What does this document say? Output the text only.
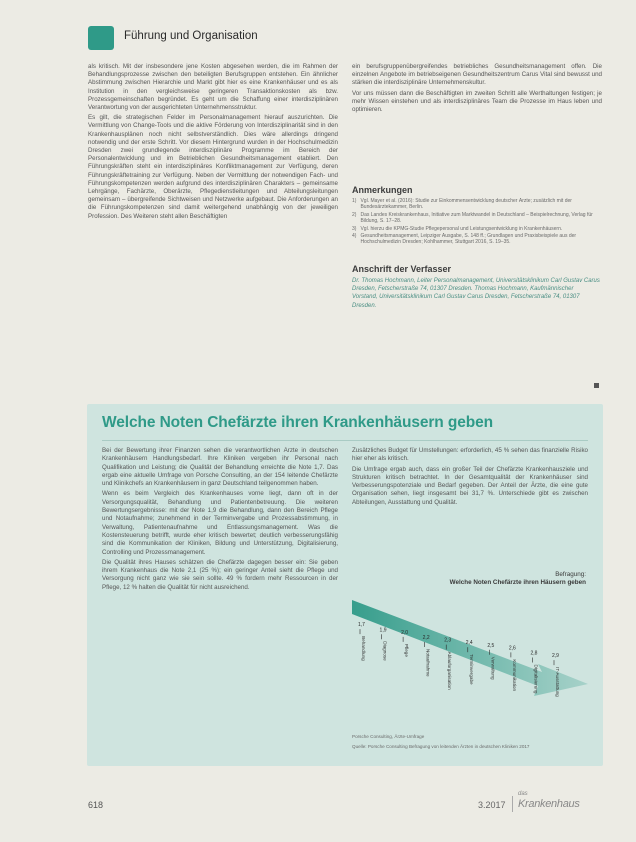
Führung und Organisation

als kritisch. Mit der insbesondere jene Kosten abgesehen werden, die im Rahmen der Behandlungsprozesse zwischen den beteiligten Berufsgruppen entstehen. Ein ähnlicher Abstimmung zwischen Hierarchie und Markt gibt hier es eine Krankenhäuser und es als Institution in den vergleichsweise geringeren Transaktionskosten als bzw. Prozessgemeinschaften begründet. Es geht um die Schaffung einer interdisziplinären Verantwortung von der ausgerichteten Unternehmensstruktur.

Es gilt, die strategischen Felder im Personalmanagement hierauf auszurichten. Die Vermittlung von Change-Tools und die aktive Förderung von Interdisziplinarität sind in den Krankenhausplänen noch nicht selbstverständlich. Dies wäre allerdings dringend notwendig und der erste Schritt. Vor diesem Hintergrund wurden in der Hochschulmedizin Dresden zwei grundlegende interdisziplinäre Programme im Bereich der Personalentwicklung und im Betrieblichen Gesundheitsmanagement etabliert. Den Führungskräften steht ein interdisziplinäres Konfliktmanagement zur Verfügung, deren Führungskräftetraining zur Verfügung. Neben der Vermittlung der notwendigen Fach- und Führungskompetenzen werden aufgrund des interdisziplinären Charakters – gemeinsame Lehrgänge, Fachärzte, Oberärzte, Pflegedienstleitungen und Abteilungsleitungen gemeinsam – übergreifende Sichtweisen und Netzwerke aufgebaut. Die Anforderungen an die Führungskompetenzen sind damit weitergehend unabhängig von der jeweiligen Profession. Des Weiteren steht allen Beschäftigten

ein berufsgruppenübergreifendes betriebliches Gesundheitsmanagement offen. Die einzelnen Angebote im betriebseigenen Gesundheitszentrum Carus Vital sind bewusst und stärken die interdisziplinäre Unternehmenskultur.

Vor uns müssen dann die Beschäftigten im zweiten Schritt alle Werthaltungen festigen; je mehr Wissen einstehen und als interdisziplinäres Team die Prozesse im Haus leben und optimieren.

Anmerkungen
1) Vgl. Mayer et al. (2016): Studie zur Einkommensentwicklung deutscher Ärzte; zusätzlich mit der Bundesärztekammer, Berlin.
2) Das Landes Kreiskrankenhaus, Initiative zum Marktwandel in Deutschland – Beispielrechnung, Verlag für Bildung, S. 17–28.
3) Vgl. hierzu die KPMG-Studie Pflegepersonal und Leistungsentwicklung in Krankenhäusern.
4) Gesundheitsmanagement, Leipziger Ausgabe, S. 148 ff.; Grundlagen und Praxisbeispiele aus der Hochschulmedizin Dresden; Kohlhammer, Stuttgart 2016, S. 19–35.
Anschrift der Verfasser
Dr. Thomas Hochmann, Leiter Personalmanagement, Universitätsklinikum Carl Gustav Carus Dresden, Fetscherstraße 74, 01307 Dresden. Thomas Hochmann, Kaufmännischer Vorstand, Universitätsklinikum Carl Gustav Carus Dresden, Fetscherstraße 74, 01307 Dresden.
Welche Noten Chefärzte ihren Krankenhäusern geben

Bei der Bewertung ihrer Finanzen sehen die verantwortlichen Ärzte in deutschen Krankenhäusern Handlungsbedarf. Ihre Kliniken vergeben ihr Personal nach Qualifikation und Leistung; die Qualität der Behandlung erreichte die Note 1,7. Das ergab eine aktuelle Umfrage von Porsche Consulting, an der 154 leitende Chefärzte und Klinikchefs an Krankenhäusern in ganz Deutschland teilgenommen haben.

Wenn es beim Vergleich des Krankenhauses vorne liegt, dann oft in der Versorgungsqualität, Behandlung und Patientenbetreuung. Die weiteren Bewertungsergebnisse: mit der Note 1,9 die Behandlung, dann den Bereich Pflege und Notaufnahme; zunehmend in der Terminvergabe und Prozessabstimmung, in Verwaltung, Patientenaufnahme und Entlassungsmanagement. Was die Kostensteuerung betrifft, wurde eher kritisch bewertet; deutlich verbesserungsfähig sind die Kommunikation der Kliniken, Bildung und Unterstützung, Digitalisierung, Controlling und Prozessmanagement.

Die Qualität ihres Hauses schätzen die Chefärzte dagegen besser ein: Sie geben ihrem Krankenhaus die Note 2,1 (25 %); ein geringer Anteil sieht die Pflege und Versorgung nicht ganz wie sie sein sollte. 49 % fordern mehr Ressourcen in der Pflege, 12 % halten die Qualität für nicht ausreichend.

Zusätzliches Budget für Umstellungen: erforderlich, 45 % sehen das finanzielle Risiko hier eher als kritisch.

Die Umfrage ergab auch, dass ein großer Teil der Chefärzte Krankenhausziele und Strukturen kritisch betrachtet. In der Gesamtqualität der Krankenhäuser sind Verbesserungspotenziale und Bedarf gegeben. Der Anteil der Ärzte, die eine gute Organisation sehen, liegt insgesamt bei 31,7 %. Unterschiede gibt es zwischen Abteilungen, Ausstattung und Qualität.

Befragung:
Welche Noten Chefärzte ihren Häusern geben
1,7
Behandlung
1,9
Diagnose
2,0
Pflege
2,2
Notaufnahme
2,3
Ablauforganisation
2,4
Terminvergabe
2,5
Verwaltung
2,6
Kommunikation
2,8
Digitalisierung
2,9
IT-Ausstattung
Porsche Consulting, Ärzte-Umfrage
Quelle: Porsche Consulting Befragung von leitenden Ärzten in deutschen Kliniken 2017
618	3.2017
das
Krankenhaus
